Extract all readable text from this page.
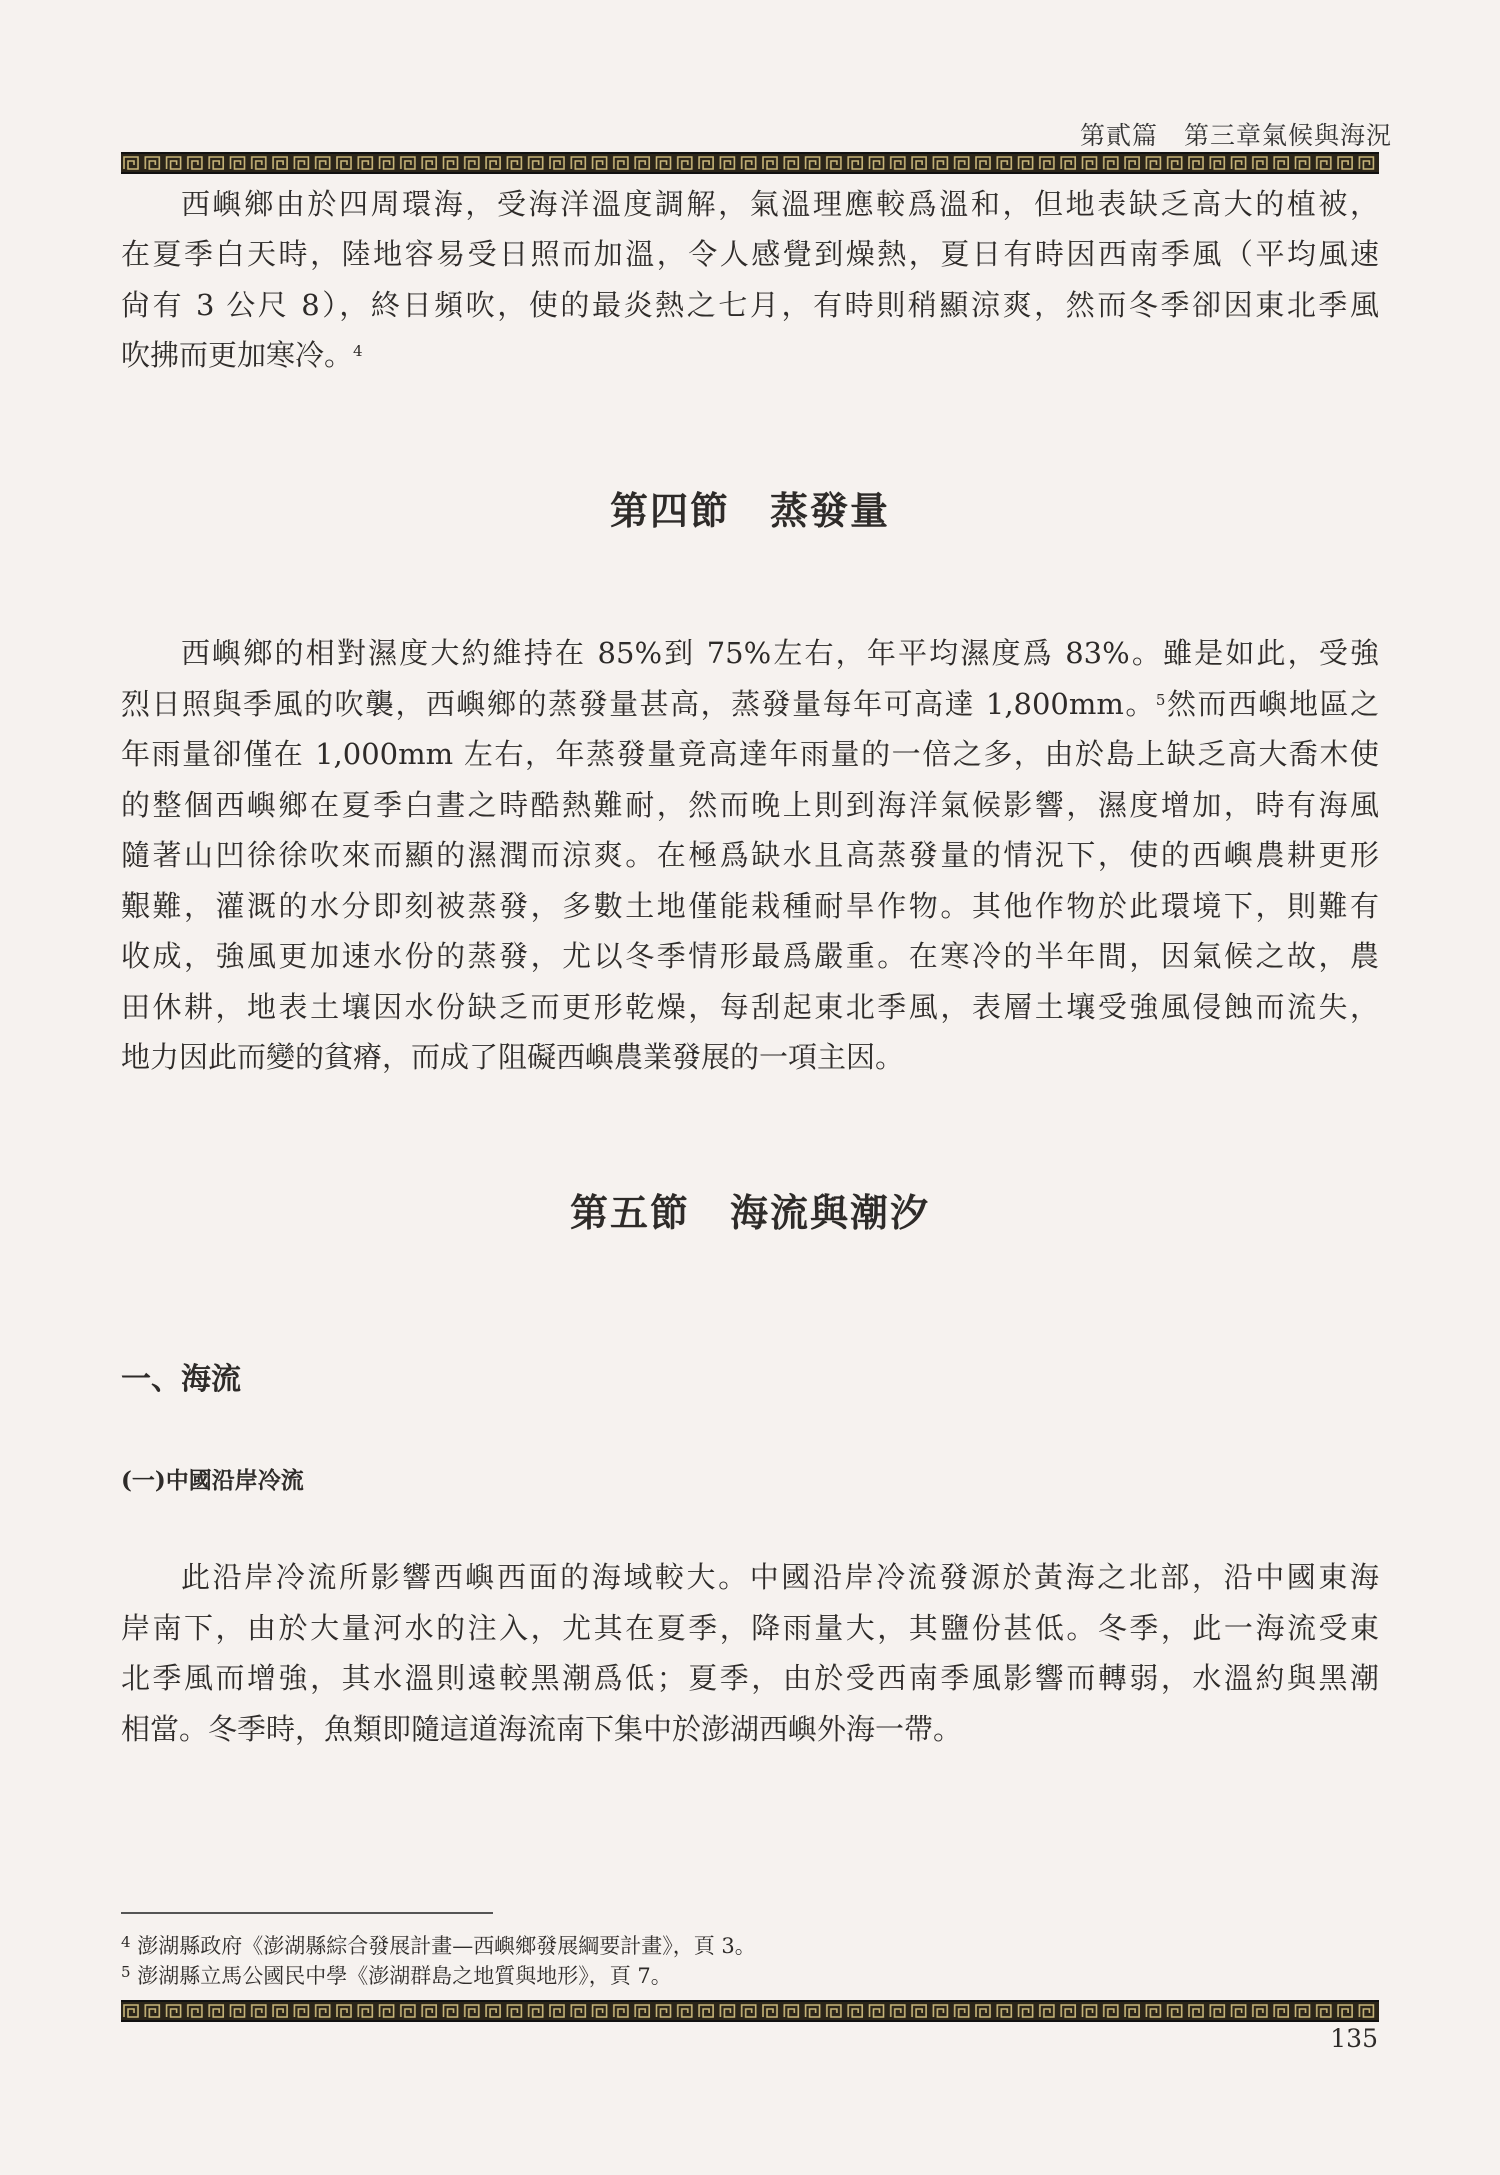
第貳篇　第三章氣候與海況
西嶼鄉由於四周環海，受海洋溫度調解，氣溫理應較爲溫和，但地表缺乏高大的植被，
在夏季白天時，陸地容易受日照而加溫，令人感覺到燥熱，夏日有時因西南季風（平均風速
尙有 3 公尺 8），終日頻吹，使的最炎熱之七月，有時則稍顯涼爽，然而冬季卻因東北季風
吹拂而更加寒冷。$^4$
第四節　蒸發量
西嶼鄉的相對濕度大約維持在 85%到 75%左右，年平均濕度爲 83%。雖是如此，受強
烈日照與季風的吹襲，西嶼鄉的蒸發量甚高，蒸發量每年可高達 1,800mm。$^5$然而西嶼地區之
年雨量卻僅在 1,000mm 左右，年蒸發量竟高達年雨量的一倍之多，由於島上缺乏高大喬木使
的整個西嶼鄉在夏季白晝之時酷熱難耐，然而晚上則到海洋氣候影響，濕度增加，時有海風
隨著山凹徐徐吹來而顯的濕潤而涼爽。在極爲缺水且高蒸發量的情況下，使的西嶼農耕更形
艱難，灌溉的水分即刻被蒸發，多數土地僅能栽種耐旱作物。其他作物於此環境下，則難有
收成，強風更加速水份的蒸發，尤以冬季情形最爲嚴重。在寒冷的半年間，因氣候之故，農
田休耕，地表土壤因水份缺乏而更形乾燥，每刮起東北季風，表層土壤受強風侵蝕而流失，
地力因此而變的貧瘠，而成了阻礙西嶼農業發展的一項主因。
第五節　海流與潮汐
一、海流
(一)中國沿岸冷流
此沿岸冷流所影響西嶼西面的海域較大。中國沿岸冷流發源於黃海之北部，沿中國東海
岸南下，由於大量河水的注入，尤其在夏季，降雨量大，其鹽份甚低。冬季，此一海流受東
北季風而增強，其水溫則遠較黑潮爲低；夏季，由於受西南季風影響而轉弱，水溫約與黑潮
相當。冬季時，魚類即隨這道海流南下集中於澎湖西嶼外海一帶。
$^4$ 澎湖縣政府《澎湖縣綜合發展計畫—西嶼鄉發展綱要計畫》，頁 3。
$^5$ 澎湖縣立馬公國民中學《澎湖群島之地質與地形》，頁 7。
135
